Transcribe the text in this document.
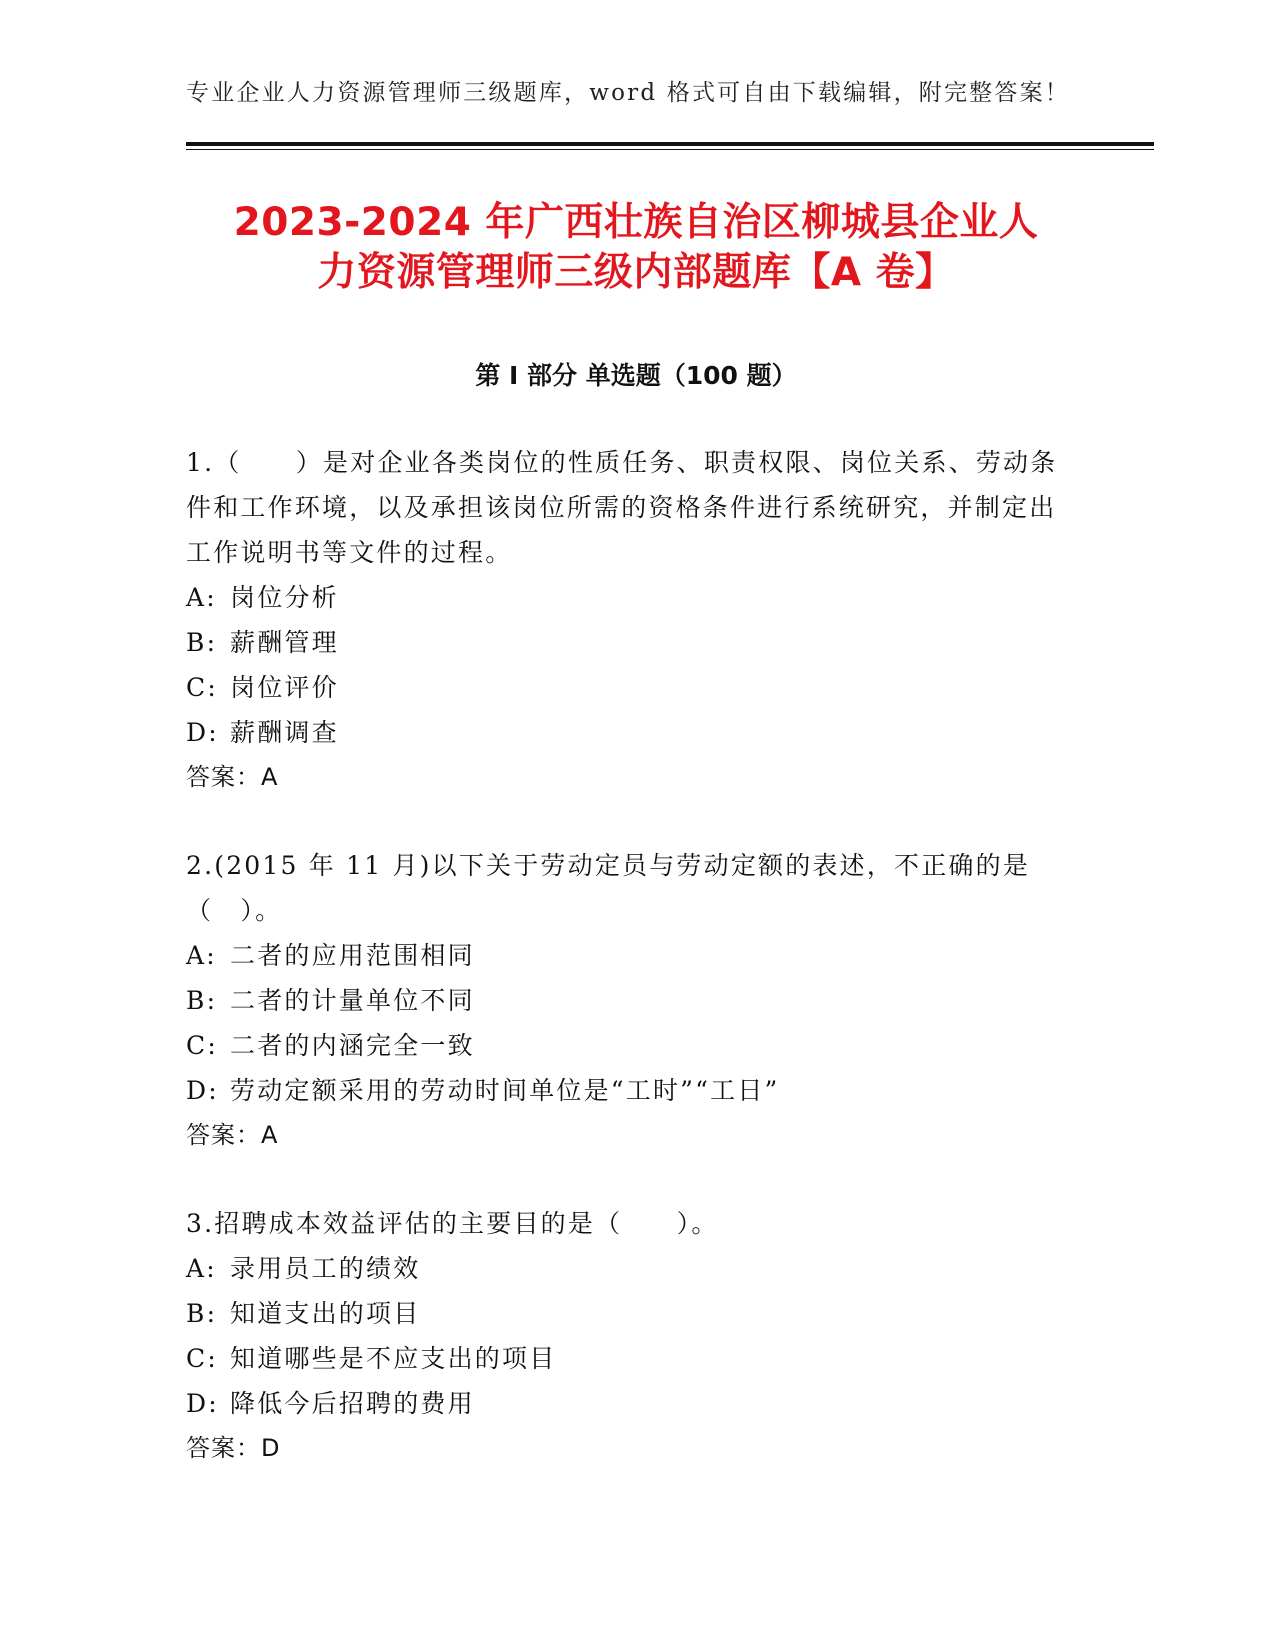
专业企业人力资源管理师三级题库，word 格式可自由下载编辑，附完整答案！
2023-2024 年广西壮族自治区柳城县企业人
力资源管理师三级内部题库【A 卷】
第 I 部分 单选题（100 题）

1.（　　）是对企业各类岗位的性质任务、职责权限、岗位关系、劳动条件和工作环境，以及承担该岗位所需的资格条件进行系统研究，并制定出工作说明书等文件的过程。

A: 岗位分析

B: 薪酬管理

C: 岗位评价

D: 薪酬调查

答案：A

2.(2015 年 11 月)以下关于劳动定员与劳动定额的表述，不正确的是（　）。

A: 二者的应用范围相同

B: 二者的计量单位不同

C: 二者的内涵完全一致

D: 劳动定额采用的劳动时间单位是“工时”“工日”

答案：A

3.招聘成本效益评估的主要目的是（　　）。

A: 录用员工的绩效

B: 知道支出的项目

C: 知道哪些是不应支出的项目

D: 降低今后招聘的费用

答案：D
